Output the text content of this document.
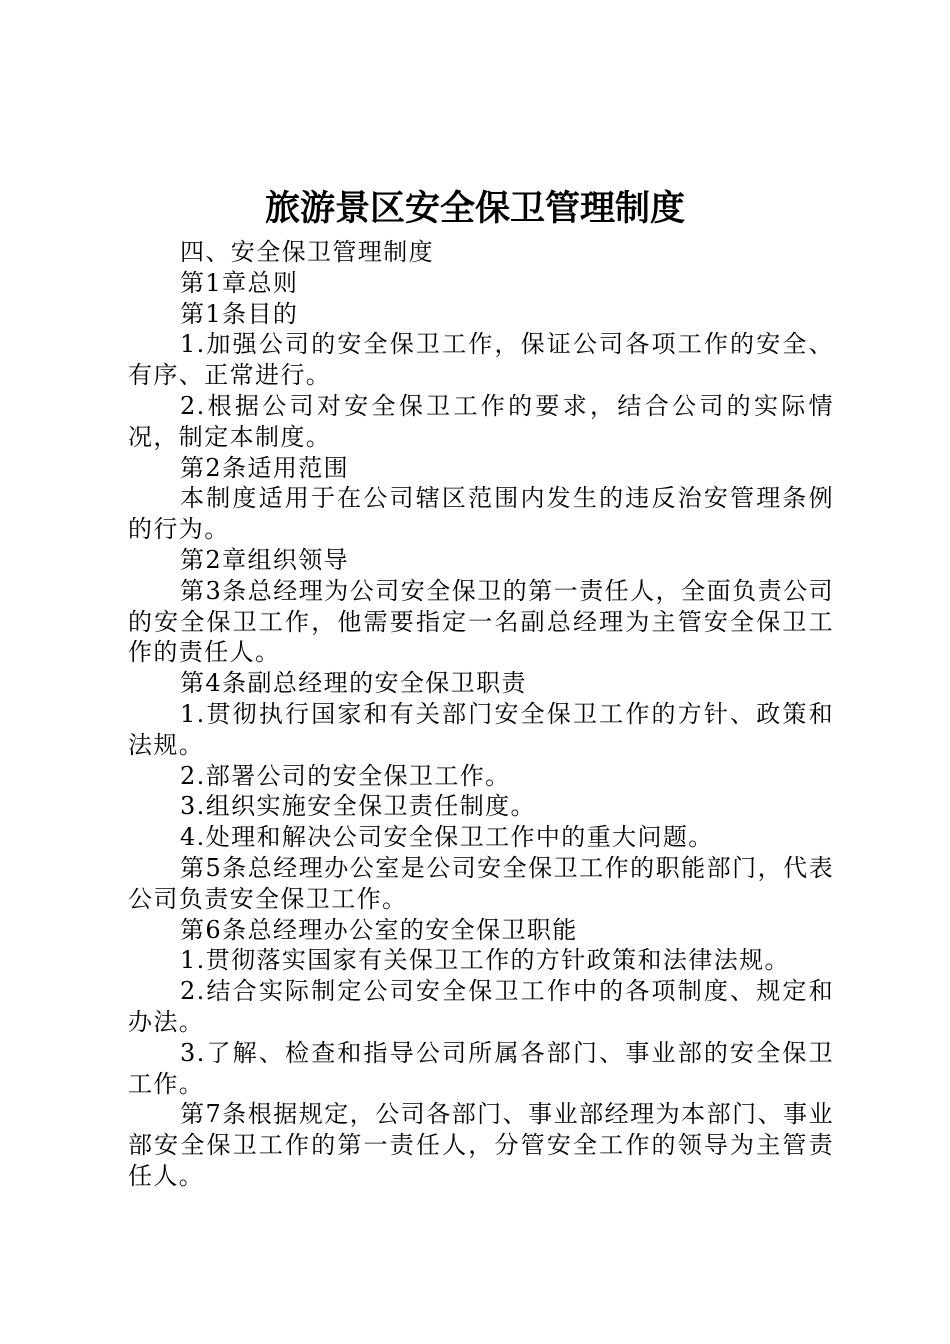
旅游景区安全保卫管理制度

四、安全保卫管理制度

第1章总则

第1条目的

1.加强公司的安全保卫工作，保证公司各项工作的安全、有序、正常进行。

2.根据公司对安全保卫工作的要求，结合公司的实际情况，制定本制度。

第2条适用范围

本制度适用于在公司辖区范围内发生的违反治安管理条例的行为。

第2章组织领导

第3条总经理为公司安全保卫的第一责任人，全面负责公司的安全保卫工作，他需要指定一名副总经理为主管安全保卫工作的责任人。

第4条副总经理的安全保卫职责

1.贯彻执行国家和有关部门安全保卫工作的方针、政策和法规。

2.部署公司的安全保卫工作。

3.组织实施安全保卫责任制度。

4.处理和解决公司安全保卫工作中的重大问题。

第5条总经理办公室是公司安全保卫工作的职能部门，代表公司负责安全保卫工作。

第6条总经理办公室的安全保卫职能

1.贯彻落实国家有关保卫工作的方针政策和法律法规。

2.结合实际制定公司安全保卫工作中的各项制度、规定和办法。

3.了解、检查和指导公司所属各部门、事业部的安全保卫工作。

第7条根据规定，公司各部门、事业部经理为本部门、事业部安全保卫工作的第一责任人，分管安全工作的领导为主管责任人。
